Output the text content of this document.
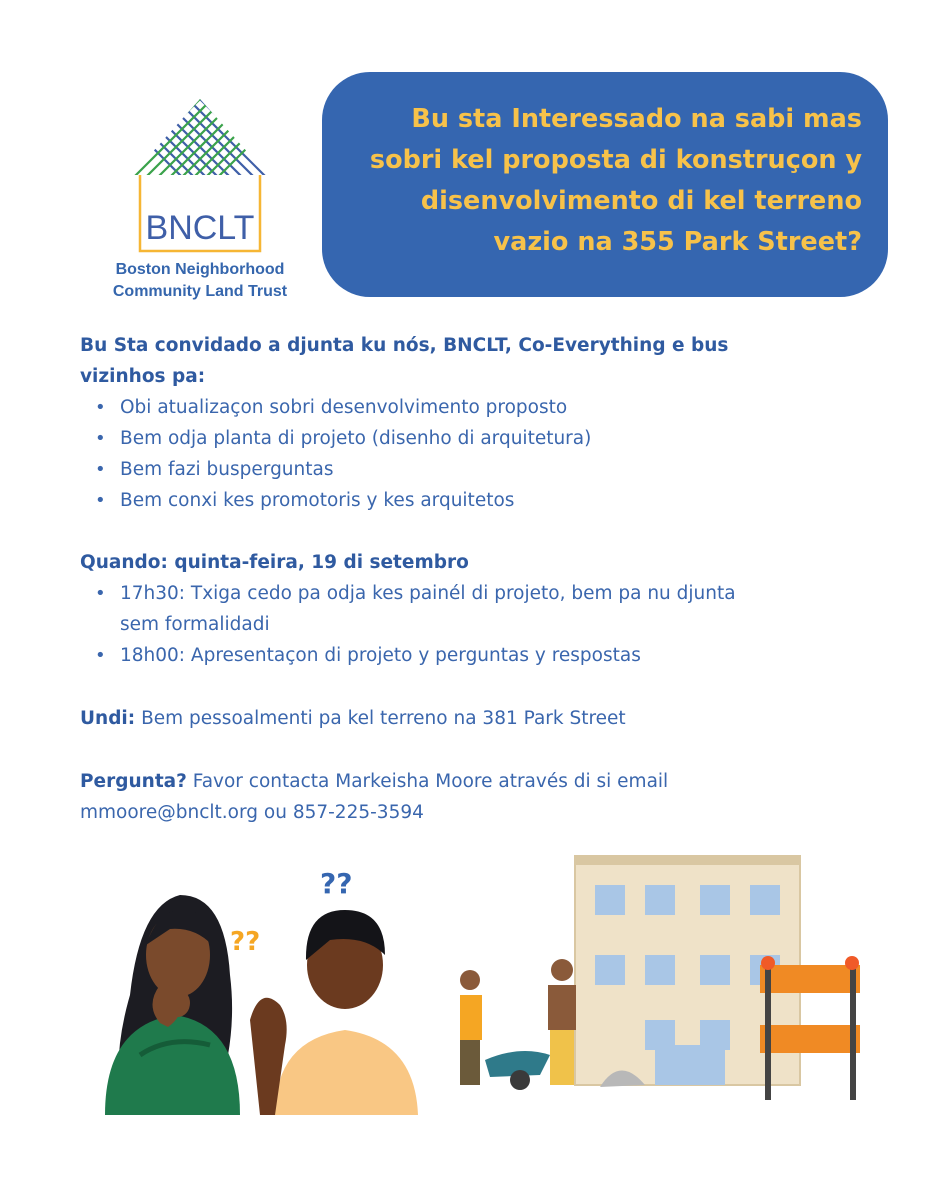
BNCLT
Boston Neighborhood
Community Land Trust

Bu sta Interessado na sabi mas
sobri kel proposta di konstruçon y
disenvolvimento di kel terreno
vazio na 355 Park Street?

Bu Sta convidado a djunta ku nós, BNCLT, Co-Everything e bus
vizinhos pa:

• Obi atualizaçon sobri desenvolvimento proposto
• Bem odja planta di projeto (disenho di arquitetura)
• Bem fazi busperguntas
• Bem conxi kes promotoris y kes arquitetos

Quando: quinta-feira, 19 di setembro

• 17h30: Txiga cedo pa odja kes painél di projeto, bem pa nu djunta
sem formalidadi
• 18h00: Apresentaçon di projeto y perguntas y respostas

Undi: Bem pessoalmenti pa kel terreno na 381 Park Street

Pergunta? Favor contacta Markeisha Moore através di si email
mmoore@bnclt.org ou 857-225-3594

??
??
